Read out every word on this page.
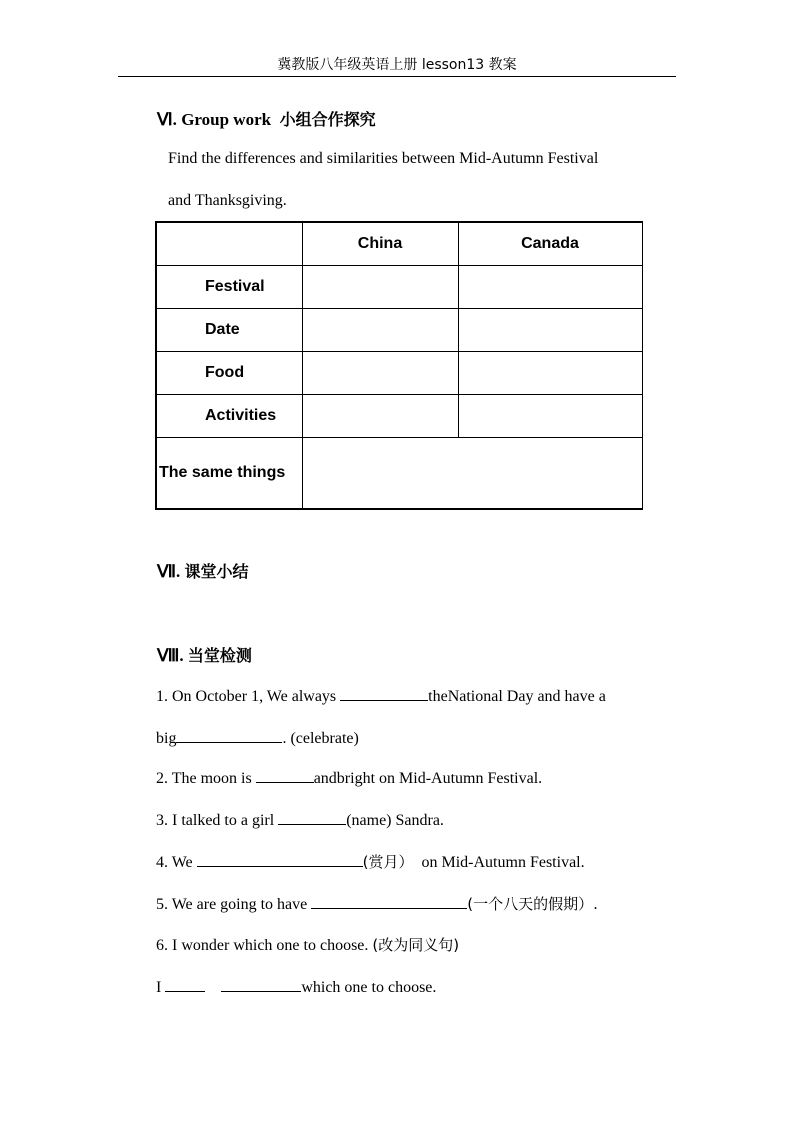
冀教版八年级英语上册 lesson13 教案
Ⅵ. Group work 小组合作探究
Find the differences and similarities between Mid-Autumn Festival
and Thanksgiving.
	China	Canada
Festival		
Date		
Food		
Activities		
The same things		
Ⅶ. 课堂小结
Ⅷ. 当堂检测
1. On October 1, We always	theNational Day and have a
big	. (celebrate)
2. The moon is	andbright on Mid-Autumn Festival.
3. I talked to a girl	(name) Sandra.
4. We	(赏月） on Mid-Autumn Festival.
5. We are going to have	(一个八天的假期）.
6. I wonder which one to choose. (改为同义句)
I	which one to choose.
